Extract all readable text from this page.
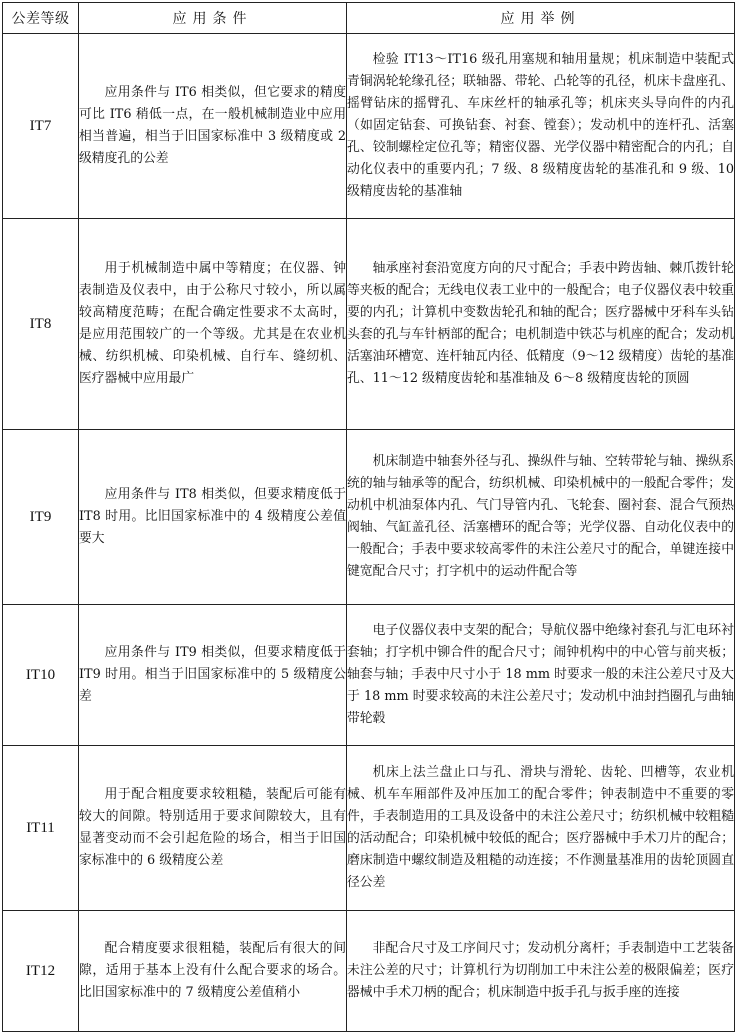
公差等级	应用条件	应用举例
IT7	应用条件与 IT6 相类似，但它要求的精度可比 IT6 稍低一点，在一般机械制造业中应用相当普遍，相当于旧国家标准中 3 级精度或 2 级精度孔的公差	检验 IT13～IT16 级孔用塞规和轴用量规；机床制造中装配式青铜涡轮轮缘孔径；联轴器、带轮、凸轮等的孔径，机床卡盘座孔、摇臂钻床的摇臂孔、车床丝杆的轴承孔等；机床夹头导向件的内孔（如固定钻套、可换钻套、衬套、镗套）；发动机中的连杆孔、活塞孔、铰制螺栓定位孔等；精密仪器、光学仪器中精密配合的内孔；自动化仪表中的重要内孔；7 级、8 级精度齿轮的基准孔和 9 级、10 级精度齿轮的基准轴
IT8	用于机械制造中属中等精度；在仪器、钟表制造及仪表中，由于公称尺寸较小，所以属较高精度范畴；在配合确定性要求不太高时，是应用范围较广的一个等级。尤其是在农业机械、纺织机械、印染机械、自行车、缝纫机、医疗器械中应用最广	轴承座衬套沿宽度方向的尺寸配合；手表中跨齿轴、棘爪拨针轮等夹板的配合；无线电仪表工业中的一般配合；电子仪器仪表中较重要的内孔；计算机中变数齿轮孔和轴的配合；医疗器械中牙科车头钻头套的孔与车针柄部的配合；电机制造中铁芯与机座的配合；发动机活塞油环槽宽、连杆轴瓦内径、低精度（9～12 级精度）齿轮的基准孔、11～12 级精度齿轮和基准轴及 6～8 级精度齿轮的顶圆
IT9	应用条件与 IT8 相类似，但要求精度低于 IT8 时用。比旧国家标准中的 4 级精度公差值要大	机床制造中轴套外径与孔、操纵件与轴、空转带轮与轴、操纵系统的轴与轴承等的配合，纺织机械、印染机械中的一般配合零件；发动机中机油泵体内孔、气门导管内孔、飞轮套、圈衬套、混合气预热阀轴、气缸盖孔径、活塞槽环的配合等；光学仪器、自动化仪表中的一般配合；手表中要求较高零件的未注公差尺寸的配合，单键连接中键宽配合尺寸；打字机中的运动件配合等
IT10	应用条件与 IT9 相类似，但要求精度低于 IT9 时用。相当于旧国家标准中的 5 级精度公差	电子仪器仪表中支架的配合；导航仪器中绝缘衬套孔与汇电环衬套轴；打字机中铆合件的配合尺寸；闹钟机构中的中心管与前夹板；轴套与轴；手表中尺寸小于 18 mm 时要求一般的未注公差尺寸及大于 18 mm 时要求较高的未注公差尺寸；发动机中油封挡圈孔与曲轴带轮毂
IT11	用于配合粗度要求较粗糙，装配后可能有较大的间隙。特别适用于要求间隙较大，且有显著变动而不会引起危险的场合，相当于旧国家标准中的 6 级精度公差	机床上法兰盘止口与孔、滑块与滑轮、齿轮、凹槽等，农业机械、机车车厢部件及冲压加工的配合零件；钟表制造中不重要的零件，手表制造用的工具及设备中的未注公差尺寸；纺织机械中较粗糙的活动配合；印染机械中较低的配合；医疗器械中手术刀片的配合；磨床制造中螺纹制造及粗糙的动连接；不作测量基准用的齿轮顶圆直径公差
IT12	配合精度要求很粗糙，装配后有很大的间隙，适用于基本上没有什么配合要求的场合。比旧国家标准中的 7 级精度公差值稍小	非配合尺寸及工序间尺寸；发动机分离杆；手表制造中工艺装备未注公差的尺寸；计算机行为切削加工中未注公差的极限偏差；医疗器械中手术刀柄的配合；机床制造中扳手孔与扳手座的连接
